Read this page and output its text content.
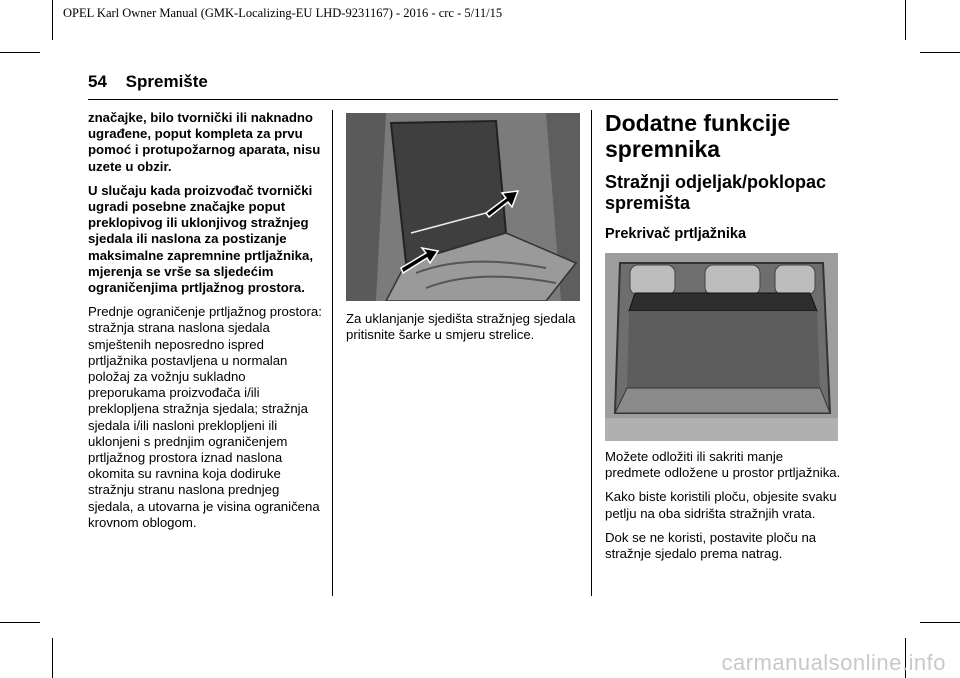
OPEL Karl Owner Manual (GMK-Localizing-EU LHD-9231167) - 2016 - crc - 5/11/15
54 Spremište

značajke, bilo tvornički ili naknadno ugrađene, poput kompleta za prvu pomoć i protupožarnog aparata, nisu uzete u obzir.

U slučaju kada proizvođač tvornički ugradi posebne značajke poput preklopivog ili uklonjivog stražnjeg sjedala ili naslona za postizanje maksimalne zapremnine prtljažnika, mjerenja se vrše sa sljedećim ograničenjima prtljažnog prostora.

Prednje ograničenje prtljažnog prostora: stražnja strana naslona sjedala smještenih neposredno ispred prtljažnika postavljena u normalan položaj za vožnju sukladno preporukama proizvođača i/ili preklopljena stražnja sjedala; stražnja sjedala i/ili nasloni preklopljeni ili uklonjeni s prednjim ograničenjem prtljažnog prostora iznad naslona okomita su ravnina koja dodiruke stražnju stranu naslona prednjeg sjedala, a utovarna je visina ograničena krovnom oblogom.

Za uklanjanje sjedišta stražnjeg sjedala pritisnite šarke u smjeru strelice.

Dodatne funkcije spremnika
Stražnji odjeljak/poklopac spremišta
Prekrivač prtljažnika

Možete odložiti ili sakriti manje predmete odložene u prostor prtljažnika.

Kako biste koristili ploču, objesite svaku petlju na oba sidrišta stražnjih vrata.

Dok se ne koristi, postavite ploču na stražnje sjedalo prema natrag.

carmanualsonline.info
